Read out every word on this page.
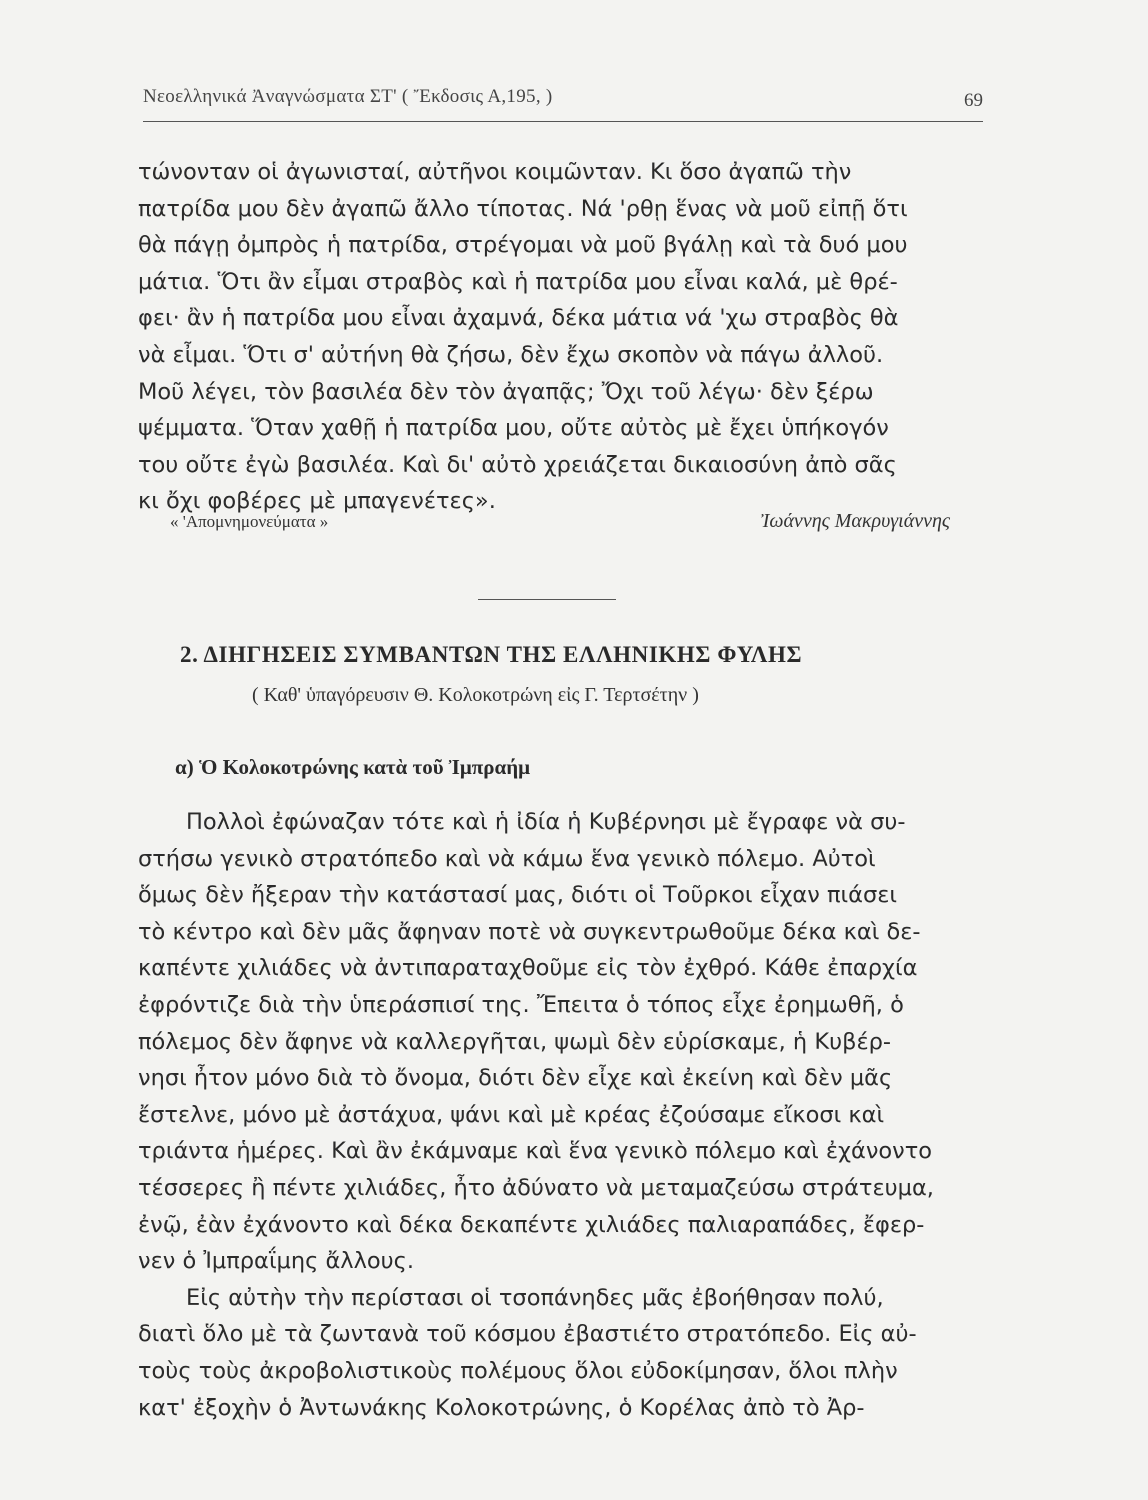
Νεοελληνικά Ἀναγνώσματα ΣΤ' ( Ἔκδοσις Α,195, )	69
τώνονταν οἱ ἀγωνισταί, αὐτῆνοι κοιμῶνταν. Κι ὅσο ἀγαπῶ τὴν
πατρίδα μου δὲν ἀγαπῶ ἄλλο τίποτας. Νά 'ρθῃ ἕνας νὰ μοῦ εἰπῇ ὅτι
θὰ πάγῃ ὀμπρὸς ἡ πατρίδα, στρέγομαι νὰ μοῦ βγάλῃ καὶ τὰ δυό μου
μάτια. Ὅτι ἂν εἶμαι στραβὸς καὶ ἡ πατρίδα μου εἶναι καλά, μὲ θρέ-
φει· ἂν ἡ πατρίδα μου εἶναι ἀχαμνά, δέκα μάτια νά 'χω στραβὸς θὰ
νὰ εἶμαι. Ὅτι σ' αὐτήνη θὰ ζήσω, δὲν ἔχω σκοπὸν νὰ πάγω ἀλλοῦ.
Μοῦ λέγει, τὸν βασιλέα δὲν τὸν ἀγαπᾷς; Ὄχι τοῦ λέγω· δὲν ξέρω
ψέμματα. Ὅταν χαθῇ ἡ πατρίδα μου, οὔτε αὐτὸς μὲ ἔχει ὑπήκογόν
του οὔτε ἐγὼ βασιλέα. Καὶ δι' αὐτὸ χρειάζεται δικαιοσύνη ἀπὸ σᾶς
κι ὄχι φοβέρες μὲ μπαγενέτες».
« 'Απομνημονεύματα »	Ἰωάννης Μακρυγιάννης
2. ΔΙΗΓΗΣΕΙΣ ΣΥΜΒΑΝΤΩΝ ΤΗΣ ΕΛΛΗΝΙΚΗΣ ΦΥΛΗΣ
( Καθ' ὑπαγόρευσιν Θ. Κολοκοτρώνη εἰς Γ. Τερτσέτην )
α) Ὁ Κολοκοτρώνης κατὰ τοῦ Ἰμπραήμ
Πολλοὶ ἐφώναζαν τότε καὶ ἡ ἰδία ἡ Κυβέρνησι μὲ ἔγραφε νὰ συ-
στήσω γενικὸ στρατόπεδο καὶ νὰ κάμω ἕνα γενικὸ πόλεμο. Αὐτοὶ
ὅμως δὲν ἤξεραν τὴν κατάστασί μας, διότι οἱ Τοῦρκοι εἶχαν πιάσει
τὸ κέντρο καὶ δὲν μᾶς ἄφηναν ποτὲ νὰ συγκεντρωθοῦμε δέκα καὶ δε-
καπέντε χιλιάδες νὰ ἀντιπαραταχθοῦμε εἰς τὸν ἐχθρό. Κάθε ἐπαρχία
ἐφρόντιζε διὰ τὴν ὑπεράσπισί της. Ἔπειτα ὁ τόπος εἶχε ἐρημωθῆ, ὁ
πόλεμος δὲν ἄφηνε νὰ καλλεργῆται, ψωμὶ δὲν εὑρίσκαμε, ἡ Κυβέρ-
νησι ἦτον μόνο διὰ τὸ ὄνομα, διότι δὲν εἶχε καὶ ἐκείνη καὶ δὲν μᾶς
ἔστελνε, μόνο μὲ ἀστάχυα, ψάνι καὶ μὲ κρέας ἐζούσαμε εἴκοσι καὶ
τριάντα ἡμέρες. Καὶ ἂν ἐκάμναμε καὶ ἕνα γενικὸ πόλεμο καὶ ἐχάνοντο
τέσσερες ἢ πέντε χιλιάδες, ἦτο ἀδύνατο νὰ μεταμαζεύσω στράτευμα,
ἐνῷ, ἐὰν ἐχάνοντο καὶ δέκα δεκαπέντε χιλιάδες παλιαραπάδες, ἔφερ-
νεν ὁ Ἰμπραΐμης ἄλλους.
Εἰς αὐτὴν τὴν περίστασι οἱ τσοπάνηδες μᾶς ἐβοήθησαν πολύ,
διατὶ ὅλο μὲ τὰ ζωντανὰ τοῦ κόσμου ἐβαστιέτο στρατόπεδο. Εἰς αὐ-
τοὺς τοὺς ἀκροβολιστικοὺς πολέμους ὅλοι εὐδοκίμησαν, ὅλοι πλὴν
κατ' ἐξοχὴν ὁ Ἀντωνάκης Κολοκοτρώνης, ὁ Κορέλας ἀπὸ τὸ Ἀρ-
